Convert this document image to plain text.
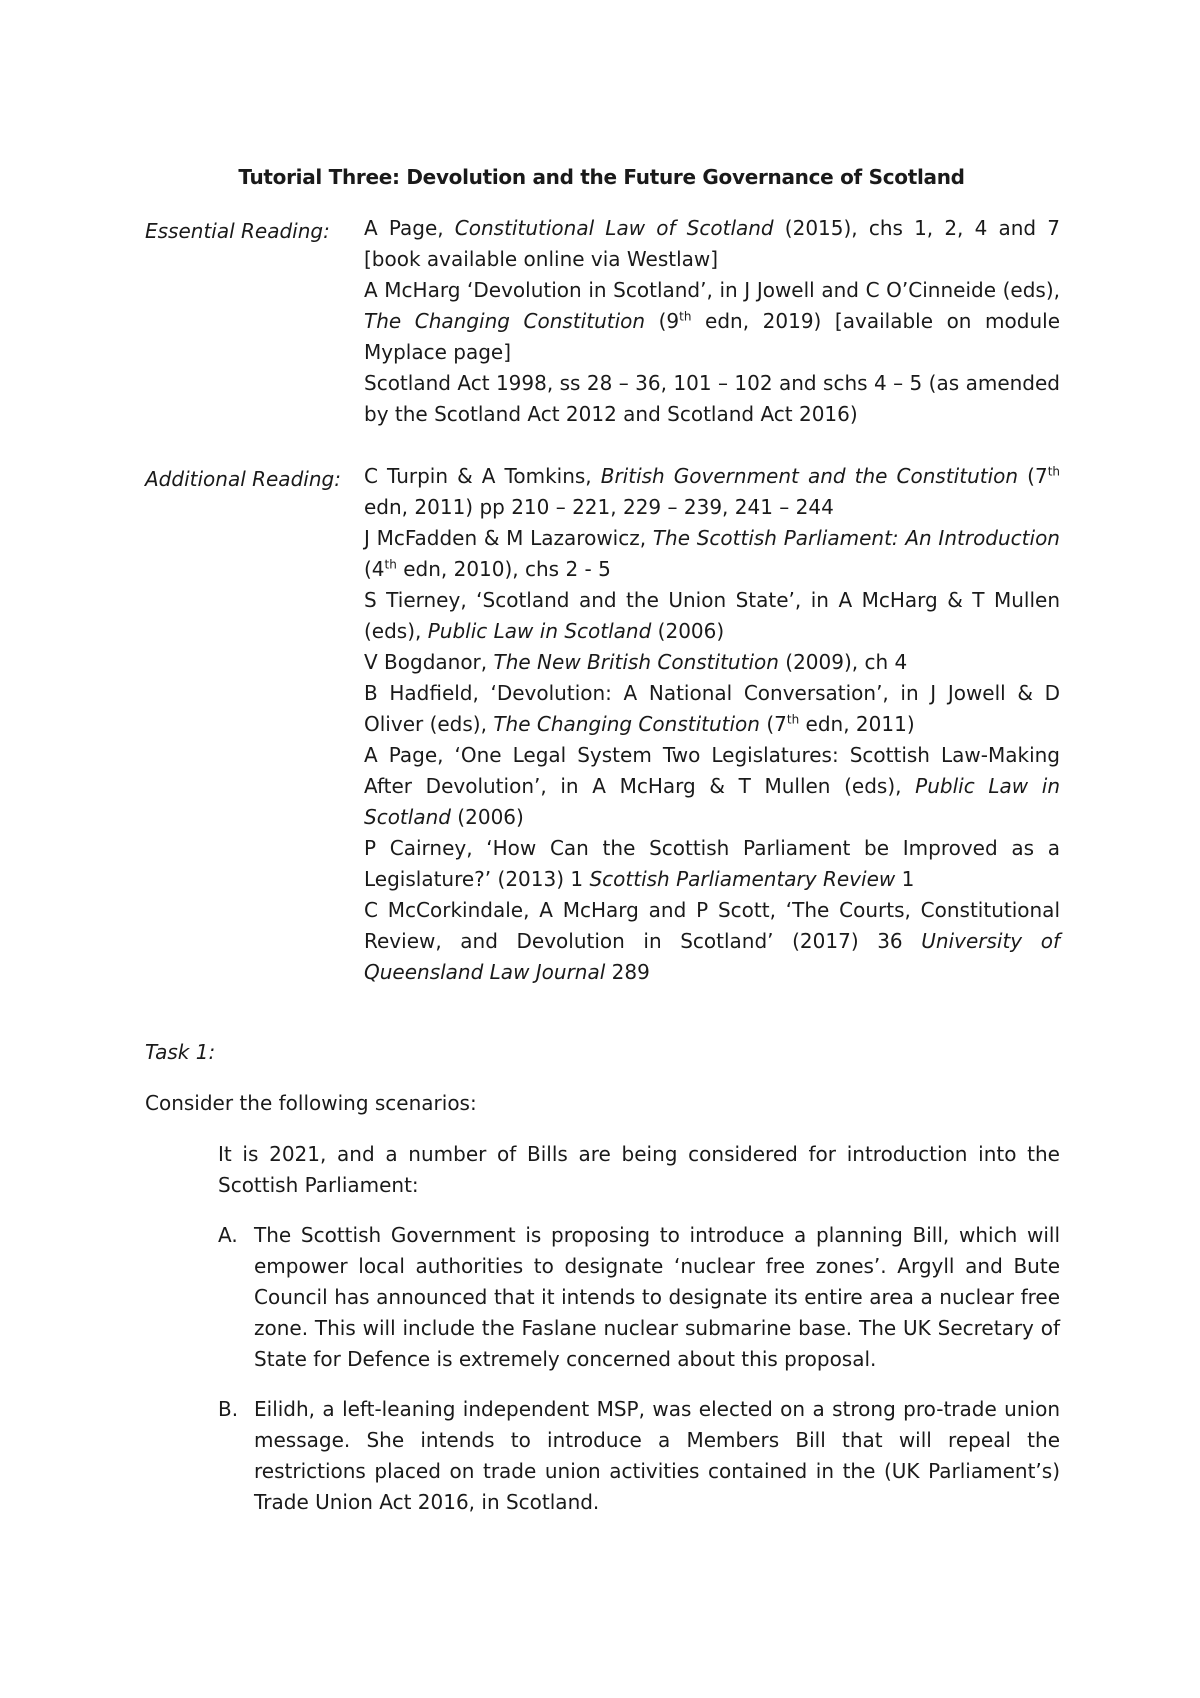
Tutorial Three: Devolution and the Future Governance of Scotland
Essential Reading: A Page, Constitutional Law of Scotland (2015), chs 1, 2, 4 and 7 [book available online via Westlaw]
A McHarg ‘Devolution in Scotland’, in J Jowell and C O’Cinneide (eds), The Changing Constitution (9th edn, 2019) [available on module Myplace page]
Scotland Act 1998, ss 28 – 36, 101 – 102 and schs 4 – 5 (as amended by the Scotland Act 2012 and Scotland Act 2016)
Additional Reading: C Turpin & A Tomkins, British Government and the Constitution (7th edn, 2011) pp 210 – 221, 229 – 239, 241 – 244
J McFadden & M Lazarowicz, The Scottish Parliament: An Introduction (4th edn, 2010), chs 2 - 5
S Tierney, ‘Scotland and the Union State’, in A McHarg & T Mullen (eds), Public Law in Scotland (2006)
V Bogdanor, The New British Constitution (2009), ch 4
B Hadfield, ‘Devolution: A National Conversation’, in J Jowell & D Oliver (eds), The Changing Constitution (7th edn, 2011)
A Page, ‘One Legal System Two Legislatures: Scottish Law-Making After Devolution’, in A McHarg & T Mullen (eds), Public Law in Scotland (2006)
P Cairney, ‘How Can the Scottish Parliament be Improved as a Legislature?’ (2013) 1 Scottish Parliamentary Review 1
C McCorkindale, A McHarg and P Scott, ‘The Courts, Constitutional Review, and Devolution in Scotland’ (2017) 36 University of Queensland Law Journal 289
Task 1:
Consider the following scenarios:
It is 2021, and a number of Bills are being considered for introduction into the Scottish Parliament:
A. The Scottish Government is proposing to introduce a planning Bill, which will empower local authorities to designate ‘nuclear free zones’. Argyll and Bute Council has announced that it intends to designate its entire area a nuclear free zone. This will include the Faslane nuclear submarine base. The UK Secretary of State for Defence is extremely concerned about this proposal.
B. Eilidh, a left-leaning independent MSP, was elected on a strong pro-trade union message. She intends to introduce a Members Bill that will repeal the restrictions placed on trade union activities contained in the (UK Parliament’s) Trade Union Act 2016, in Scotland.
